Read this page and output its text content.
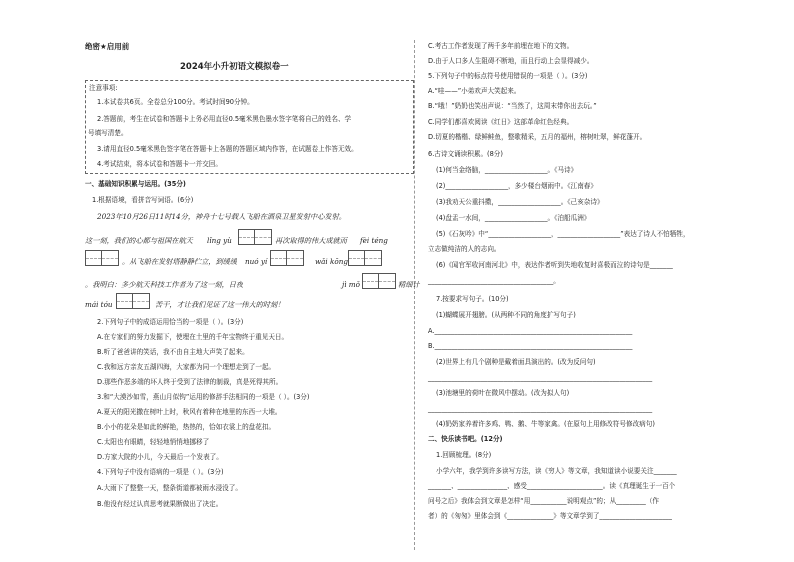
绝密★启用前
2024年小升初语文模拟卷一
注意事项:
1.本试卷共6页。全卷总分100分。考试时间90分钟。
2.答题前，考生在试卷和答题卡上务必用直径0.5毫米黑色墨水签字笔将自己的姓名、学
号填写清楚。
3.请用直径0.5毫米黑色签字笔在答题卡上各题的答题区域内作答，在试题卷上作答无效。
4.考试结束，将本试卷和答题卡一并交回。
一、基础知识积累与运用。(35分)
1.根据语境，看拼音写词语。(6分)
2023年10月26日11时14分，神舟十七号载人飞船在酒泉卫星发射中心发射。
这一刻，我们的心都与祖国在航天 lǐng yù	再次取得的伟大成就而 fèi téng
。从飞船在发射塔静静伫立，到缓缓 nuó yí	wǎi kōng
。我明白：多少航天科技工作者为了这一刻，日夜	jì mǒ	精细计
mái tóu	苦干，才让我们见证了这一伟大的时刻！
2.下列句子中的成语运用恰当的一项是（ ）。(3分)
A.在专家们的努力发掘下，使埋在土里的千年宝物终于重见天日。
B.听了爸爸讲的笑话，我不由自主地大声笑了起来。
C.我和远方亲友五湖四海，大家都为同一个理想走到了一起。
D.那些作恶多端的坏人终于受到了法律的制裁，真是死得其所。
3.和“大漠沙如雪，燕山月似钩”运用的修辞手法相同的一项是（ ）。(3分)
A.夏天的阳光撒在树叶上时，秋风有着种在地里的东西一大堆。
B.小小的花朵是如此的鲜艳，热热的，恰如衣裳上的盘花扣。
C.太阳也有眼睛，轻轻地悄悄地挪移了
D.方家大院的小儿，今天最后一个发表了。
4.下列句子中没有语病的一项是（ ）。(3分)
A.大雨下了整整一天，整条街道都被雨水浸没了。
B.他没有经过认真思考就果断做出了决定。
C.考古工作者发现了两千多年前埋在地下的文物。
D.由于人口多人生阻碍不断地，而且行动上会显得减少。
5.下列句子中的标点符号使用错误的一项是（ ）。(3分)
A.“哇——”小弟欢声大笑起来。
B.“哦！”奶奶也笑出声说：“当然了，这周末带你出去玩。”
C.同学们都喜欢阅读《红日》这部革命红色经典。
D.切夏的楷楷、绿鲜鲑鱼，整歌精采，五月的福州，榕树吐翠，鲜花蓬开。
6.古诗文诵读积累。(8分)
(1)何当金络脑，___________________。《马诗》
(2)___________________，多少楼台烟雨中。《江南春》
(3)我劝天公重抖擞，___________________。《己亥杂诗》
(4)盘盂一水间，___________________。《泊船瓜洲》
(5)《石灰吟》中“___________________，___________________”表达了诗人不怕牺牲，
立志做纯洁的人的志向。
(6)《闻官军收河南河北》中，表达作者听到失地收复时喜极而泣的诗句是_______
______________________________________。
7.按要求写句子。(10分)
(1)蝴蝶展开翅膀。(从两种不同的角度扩写句子)
A.____________________________________________________________
B.____________________________________________________________
(2)世界上有几个剧种是戴着面具演出的。(改为反问句)
____________________________________________________________________
(3)池塘里的荷叶在微风中摆动。(改为拟人句)
____________________________________________________________________
(4)奶奶家养着许多鸡、鸭、鹅、牛等家禽。(在原句上用修改符号修改病句)
二、快乐读书吧。(12分)
1.回顾梳理。(8分)
小学六年，我学到许多读写方法，读《穷人》等文章，我知道读小说要关注_______
_______、_______________、感受_______________________。读《真理诞生于一百个
问号之后》我体会到文章是怎样“用___________说明观点”的；从_________（作
者）的《匆匆》里体会到《______________》等文章学到了______________________
